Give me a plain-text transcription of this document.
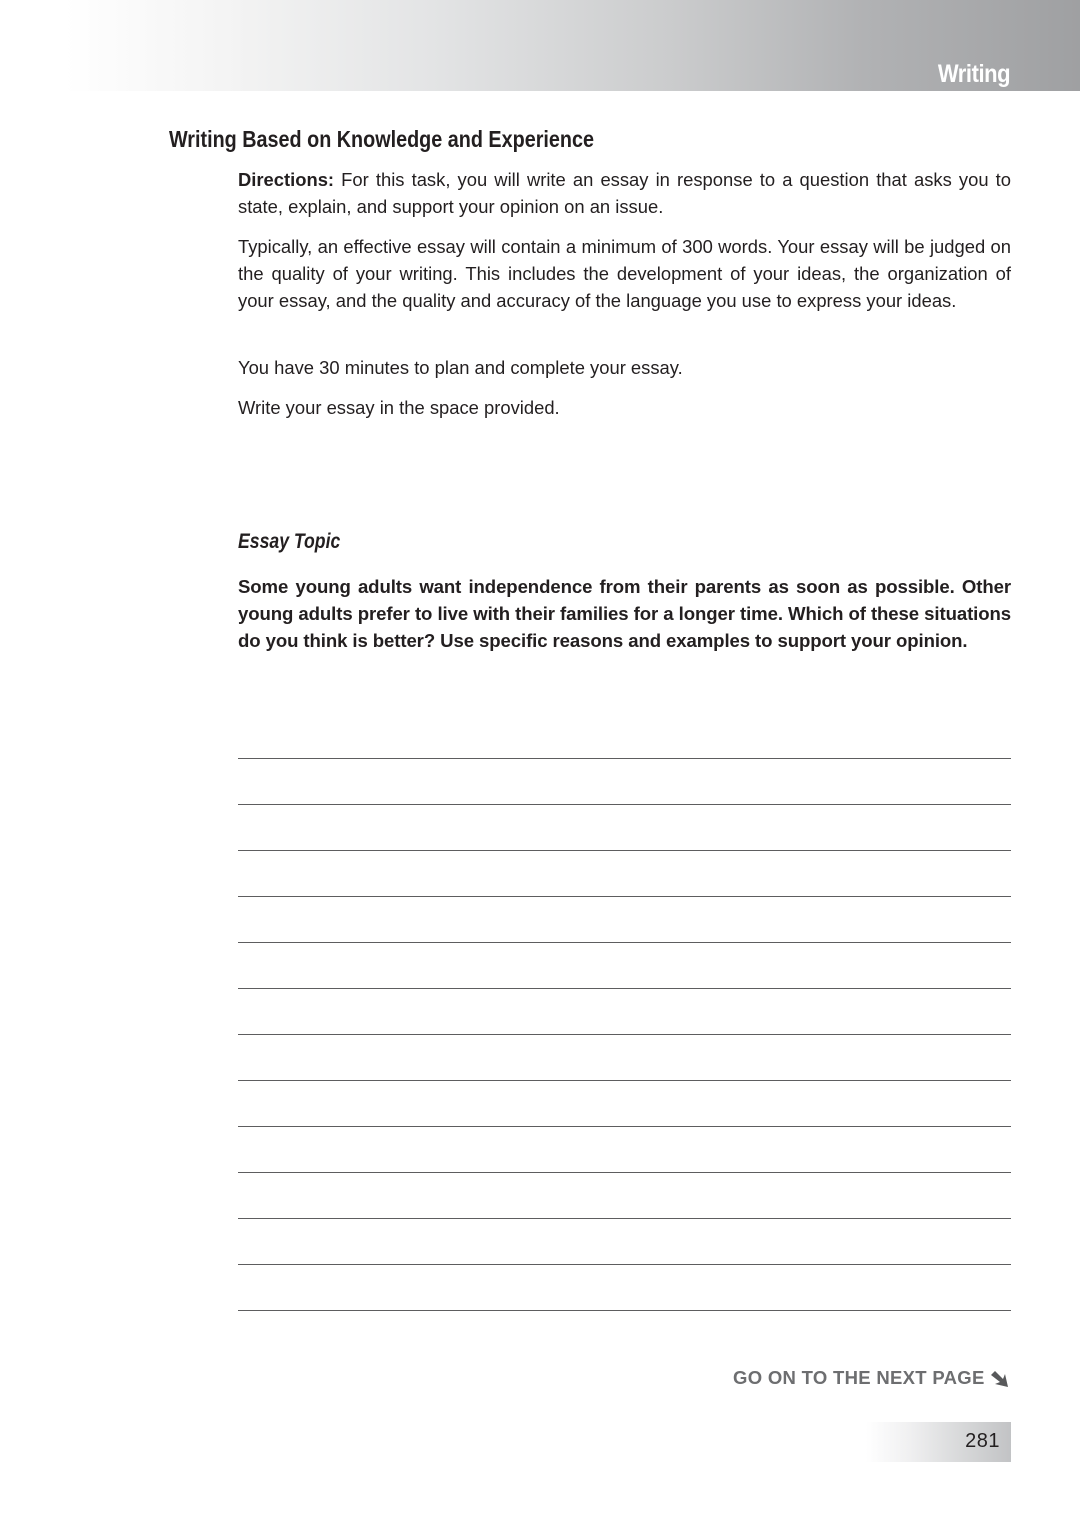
Writing
Writing Based on Knowledge and Experience
Directions: For this task, you will write an essay in response to a question that asks you to state, explain, and support your opinion on an issue.

Typically, an effective essay will contain a minimum of 300 words. Your essay will be judged on the quality of your writing. This includes the development of your ideas, the organization of your essay, and the quality and accuracy of the language you use to express your ideas.

You have 30 minutes to plan and complete your essay.

Write your essay in the space provided.

Essay Topic

Some young adults want independence from their parents as soon as possible. Other young adults prefer to live with their families for a longer time. Which of these situations do you think is better? Use specific reasons and examples to support your opinion.

GO ON TO THE NEXT PAGE
281
